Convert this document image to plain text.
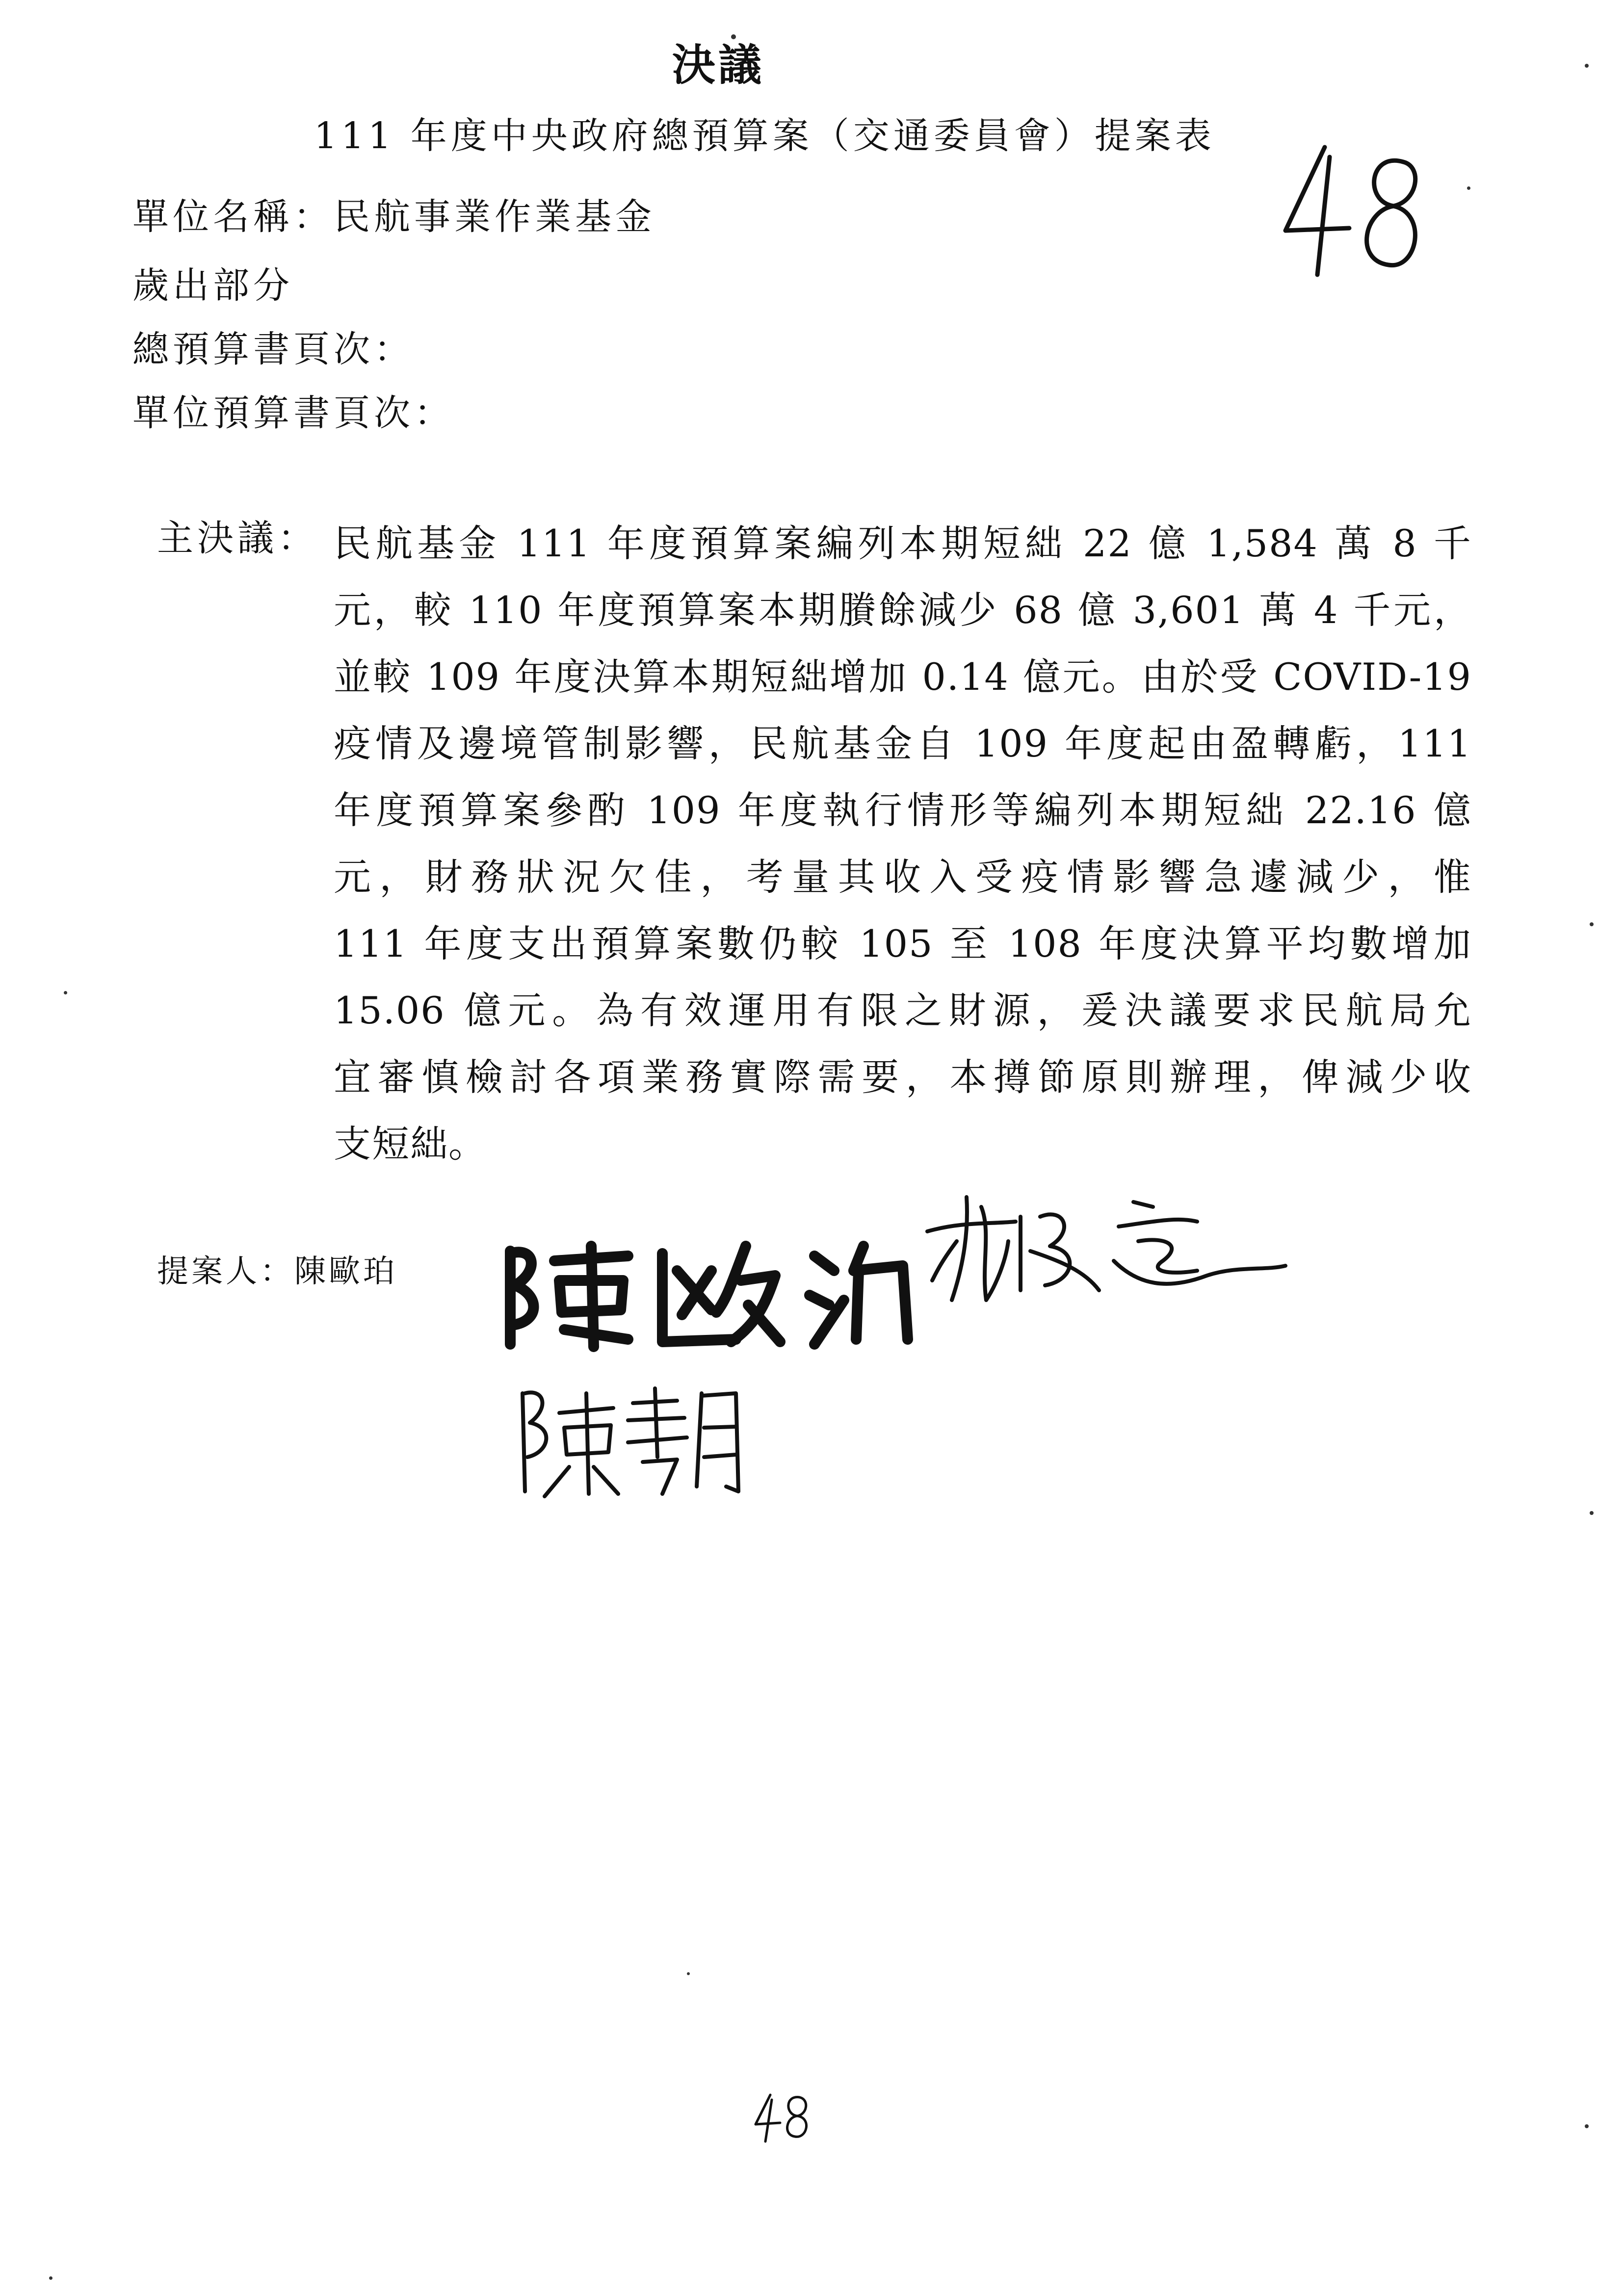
決議
111 年度中央政府總預算案（交通委員會）提案表
單位名稱：民航事業作業基金
歲出部分
總預算書頁次：
單位預算書頁次：
主決議： 民航基金 111 年度預算案編列本期短絀 22 億 1,584 萬 8 千
元，較 110 年度預算案本期賸餘減少 68 億 3,601 萬 4 千元，
並較 109 年度決算本期短絀增加 0.14 億元。由於受 COVID-19
疫情及邊境管制影響，民航基金自 109 年度起由盈轉虧，111
年度預算案參酌 109 年度執行情形等編列本期短絀 22.16 億
元，財務狀況欠佳，考量其收入受疫情影響急遽減少，惟
111 年度支出預算案數仍較 105 至 108 年度決算平均數增加
15.06 億元。為有效運用有限之財源，爰決議要求民航局允
宜審慎檢討各項業務實際需要，本撙節原則辦理，俾減少收
支短絀。
提案人：陳歐珀
